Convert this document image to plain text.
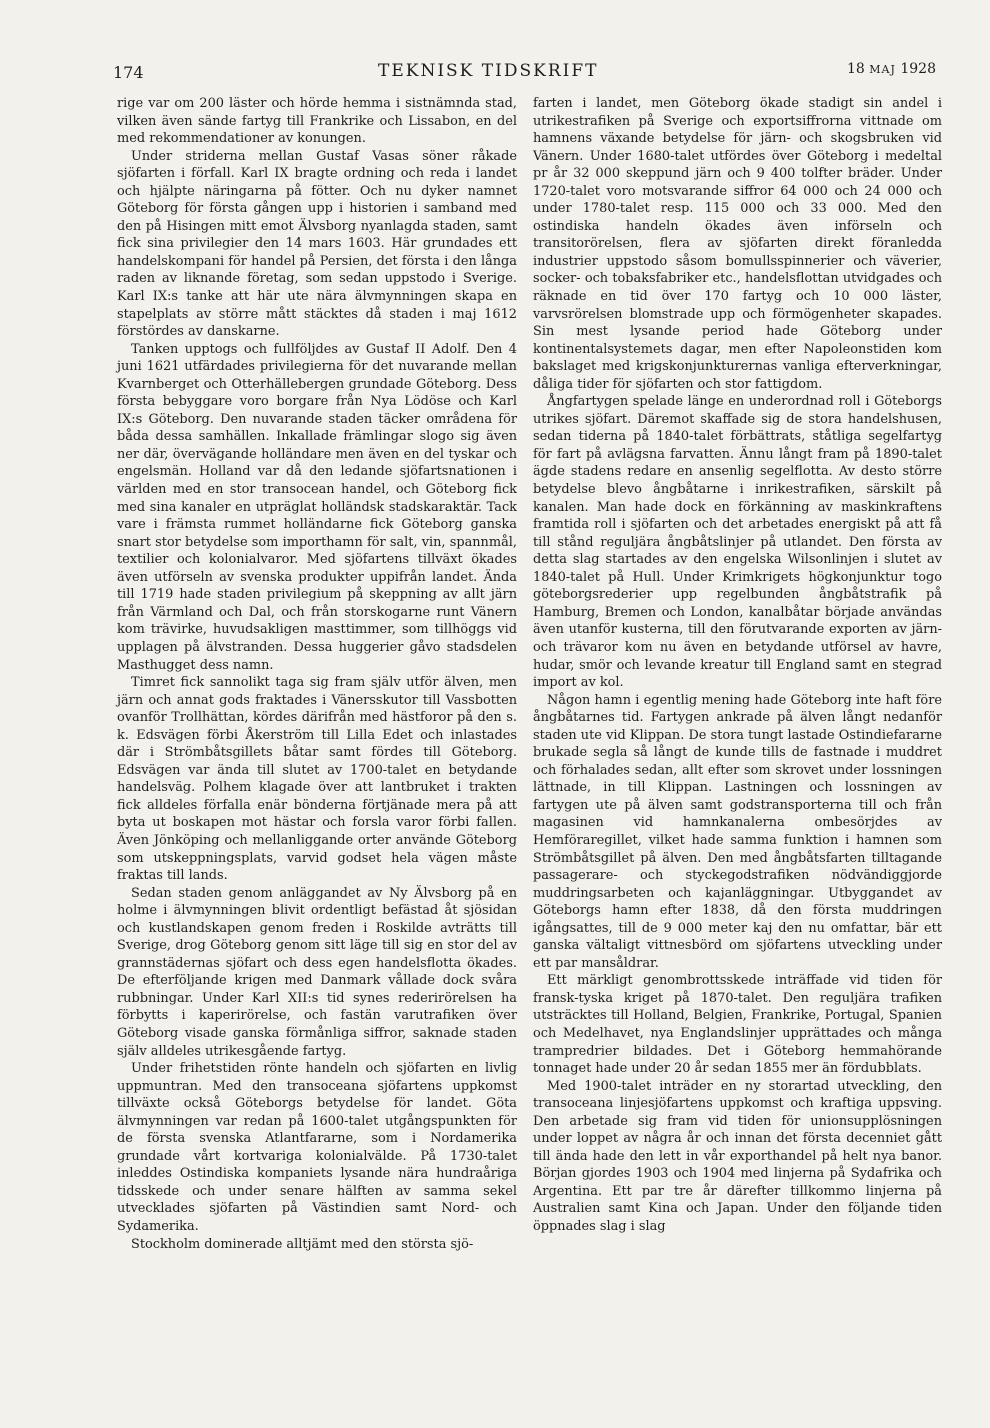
174	TEKNISK TIDSKRIFT	18 MAJ 1928

rige var om 200 läster och hörde hemma i sistnämnda stad, vilken även sände fartyg till Frankrike och Lissabon, en del med rekommendationer av konungen.

Under striderna mellan Gustaf Vasas söner råkade sjöfarten i förfall. Karl IX bragte ordning och reda i landet och hjälpte näringarna på fötter. Och nu dyker namnet Göteborg för första gången upp i historien i samband med den på Hisingen mitt emot Älvsborg nyanlagda staden, samt fick sina privilegier den 14 mars 1603. Här grundades ett handelskompani för handel på Persien, det första i den långa raden av liknande företag, som sedan uppstodo i Sverige. Karl IX:s tanke att här ute nära älvmynningen skapa en stapelplats av större mått stäcktes då staden i maj 1612 förstördes av danskarne.

Tanken upptogs och fullföljdes av Gustaf II Adolf. Den 4 juni 1621 utfärdades privilegierna för det nuvarande mellan Kvarnberget och Otterhällebergen grundade Göteborg. Dess första bebyggare voro borgare från Nya Lödöse och Karl IX:s Göteborg. Den nuvarande staden täcker områdena för båda dessa samhällen. Inkallade främlingar slogo sig även ner där, övervägande holländare men även en del tyskar och engelsmän. Holland var då den ledande sjöfartsnationen i världen med en stor transocean handel, och Göteborg fick med sina kanaler en utpräglat holländsk stadskaraktär. Tack vare i främsta rummet holländarne fick Göteborg ganska snart stor betydelse som importhamn för salt, vin, spannmål, textilier och kolonialvaror. Med sjöfartens tillväxt ökades även utförseln av svenska produkter uppifrån landet. Ända till 1719 hade staden privilegium på skeppning av allt järn från Värmland och Dal, och från storskogarne runt Vänern kom trävirke, huvudsakligen masttimmer, som tillhöggs vid upplagen på älvstranden. Dessa huggerier gåvo stadsdelen Masthugget dess namn.

Timret fick sannolikt taga sig fram själv utför älven, men järn och annat gods fraktades i Vänersskutor till Vassbotten ovanför Trollhättan, kördes därifrån med hästforor på den s. k. Edsvägen förbi Åkerström till Lilla Edet och inlastades där i Strömbåtsgillets båtar samt fördes till Göteborg. Edsvägen var ända till slutet av 1700-talet en betydande handelsväg. Polhem klagade över att lantbruket i trakten fick alldeles förfalla enär bönderna förtjänade mera på att byta ut boskapen mot hästar och forsla varor förbi fallen. Även Jönköping och mellanliggande orter använde Göteborg som utskeppningsplats, varvid godset hela vägen måste fraktas till lands.

Sedan staden genom anläggandet av Ny Älvsborg på en holme i älvmynningen blivit ordentligt befästad åt sjösidan och kustlandskapen genom freden i Roskilde avträtts till Sverige, drog Göteborg genom sitt läge till sig en stor del av grannstädernas sjöfart och dess egen handelsflotta ökades. De efterföljande krigen med Danmark vållade dock svåra rubbningar. Under Karl XII:s tid synes rederirörelsen ha förbytts i kaperirörelse, och fastän varutrafiken över Göteborg visade ganska förmånliga siffror, saknade staden själv alldeles utrikesgående fartyg.

Under frihetstiden rönte handeln och sjöfarten en livlig uppmuntran. Med den transoceana sjöfartens uppkomst tillväxte också Göteborgs betydelse för landet. Göta älvmynningen var redan på 1600-talet utgångspunkten för de första svenska Atlantfararne, som i Nordamerika grundade vårt kortvariga kolonialvälde. På 1730-talet inleddes Ostindiska kompaniets lysande nära hundraåriga tidsskede och under senare hälften av samma sekel utvecklades sjöfarten på Västindien samt Nord- och Sydamerika.

Stockholm dominerade alltjämt med den största sjö-

farten i landet, men Göteborg ökade stadigt sin andel i utrikestrafiken på Sverige och exportsiffrorna vittnade om hamnens växande betydelse för järn- och skogsbruken vid Vänern. Under 1680-talet utfördes över Göteborg i medeltal pr år 32 000 skeppund järn och 9 400 tolfter bräder. Under 1720-talet voro motsvarande siffror 64 000 och 24 000 och under 1780-talet resp. 115 000 och 33 000. Med den ostindiska handeln ökades även införseln och transitorörelsen, flera av sjöfarten direkt föranledda industrier uppstodo såsom bomullsspinnerier och väverier, socker- och tobaksfabriker etc., handelsflottan utvidgades och räknade en tid över 170 fartyg och 10 000 läster, varvsrörelsen blomstrade upp och förmögenheter skapades. Sin mest lysande period hade Göteborg under kontinentalsystemets dagar, men efter Napoleonstiden kom bakslaget med krigskonjunkturernas vanliga efterverkningar, dåliga tider för sjöfarten och stor fattigdom.

Ångfartygen spelade länge en underordnad roll i Göteborgs utrikes sjöfart. Däremot skaffade sig de stora handelshusen, sedan tiderna på 1840-talet förbättrats, ståtliga segelfartyg för fart på avlägsna farvatten. Ännu långt fram på 1890-talet ägde stadens redare en ansenlig segelflotta. Av desto större betydelse blevo ångbåtarne i inrikestrafiken, särskilt på kanalen. Man hade dock en förkänning av maskinkraftens framtida roll i sjöfarten och det arbetades energiskt på att få till stånd reguljära ångbåtslinjer på utlandet. Den första av detta slag startades av den engelska Wilsonlinjen i slutet av 1840-talet på Hull. Under Krimkrigets högkonjunktur togo göteborgsrederier upp regelbunden ångbåtstrafik på Hamburg, Bremen och London, kanalbåtar började användas även utanför kusterna, till den förutvarande exporten av järn- och trävaror kom nu även en betydande utförsel av havre, hudar, smör och levande kreatur till England samt en stegrad import av kol.

Någon hamn i egentlig mening hade Göteborg inte haft före ångbåtarnes tid. Fartygen ankrade på älven långt nedanför staden ute vid Klippan. De stora tungt lastade Ostindiefararne brukade segla så långt de kunde tills de fastnade i muddret och förhalades sedan, allt efter som skrovet under lossningen lättnade, in till Klippan. Lastningen och lossningen av fartygen ute på älven samt godstransporterna till och från magasinen vid hamnkanalerna ombesörjdes av Hemföraregillet, vilket hade samma funktion i hamnen som Strömbåtsgillet på älven. Den med ångbåtsfarten tilltagande passagerare- och styckegodstrafiken nödvändiggjorde muddringsarbeten och kajanläggningar. Utbyggandet av Göteborgs hamn efter 1838, då den första muddringen igångsattes, till de 9 000 meter kaj den nu omfattar, bär ett ganska vältaligt vittnesbörd om sjöfartens utveckling under ett par mansåldrar.

Ett märkligt genombrottsskede inträffade vid tiden för fransk-tyska kriget på 1870-talet. Den reguljära trafiken utsträcktes till Holland, Belgien, Frankrike, Portugal, Spanien och Medelhavet, nya Englandslinjer upprättades och många trampredrier bildades. Det i Göteborg hemmahörande tonnaget hade under 20 år sedan 1855 mer än fördubblats.

Med 1900-talet inträder en ny storartad utveckling, den transoceana linjesjöfartens uppkomst och kraftiga uppsving. Den arbetade sig fram vid tiden för unionsupplösningen under loppet av några år och innan det första decenniet gått till ända hade den lett in vår exporthandel på helt nya banor. Början gjordes 1903 och 1904 med linjerna på Sydafrika och Argentina. Ett par tre år därefter tillkommo linjerna på Australien samt Kina och Japan. Under den följande tiden öppnades slag i slag
